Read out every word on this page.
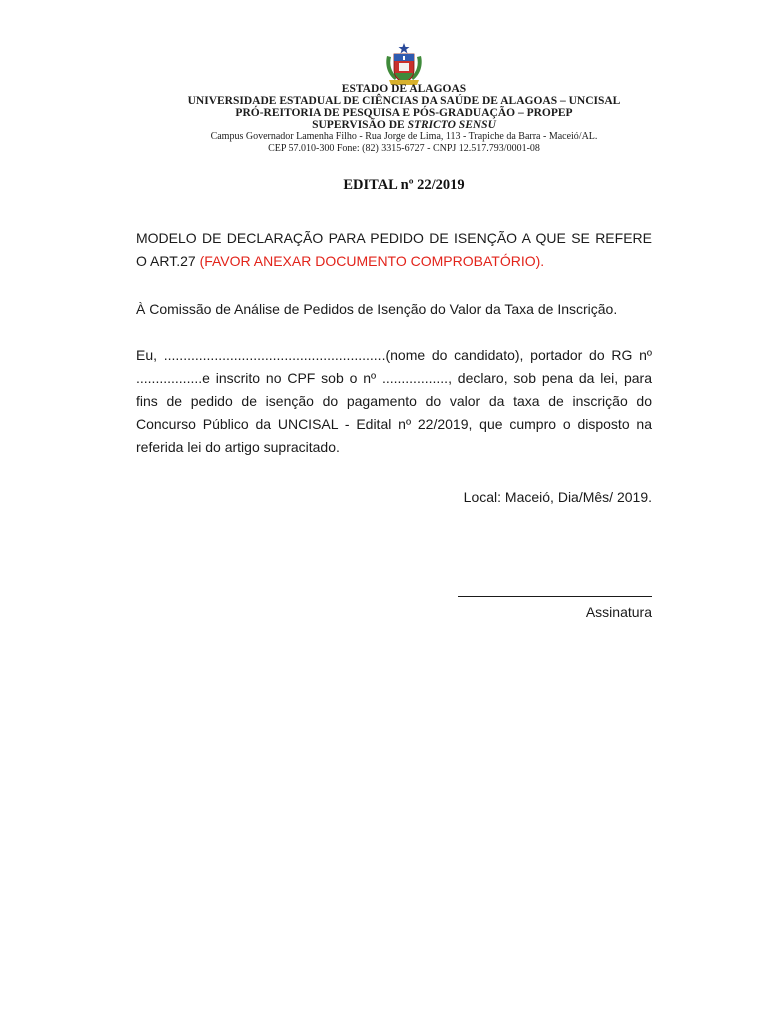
ESTADO DE ALAGOAS
UNIVERSIDADE ESTADUAL DE CIÊNCIAS DA SAÚDE DE ALAGOAS – UNCISAL
PRÓ-REITORIA DE PESQUISA E PÓS-GRADUAÇÃO – PROPEP
SUPERVISÃO DE STRICTO SENSU
Campus Governador Lamenha Filho - Rua Jorge de Lima, 113 - Trapiche da Barra - Maceió/AL.
CEP 57.010-300 Fone: (82) 3315-6727 - CNPJ 12.517.793/0001-08
EDITAL nº 22/2019
MODELO DE DECLARAÇÃO PARA PEDIDO DE ISENÇÃO A QUE SE REFERE O ART.27 (FAVOR ANEXAR DOCUMENTO COMPROBATÓRIO).
À Comissão de Análise de Pedidos de Isenção do Valor da Taxa de Inscrição.
Eu, .........................................................(nome do candidato), portador do RG nº .................e inscrito no CPF sob o nº ................., declaro, sob pena da lei, para fins de pedido de isenção do pagamento do valor da taxa de inscrição do Concurso Público da UNCISAL - Edital nº 22/2019, que cumpro o disposto na referida lei do artigo supracitado.
Local: Maceió, Dia/Mês/ 2019.
Assinatura
